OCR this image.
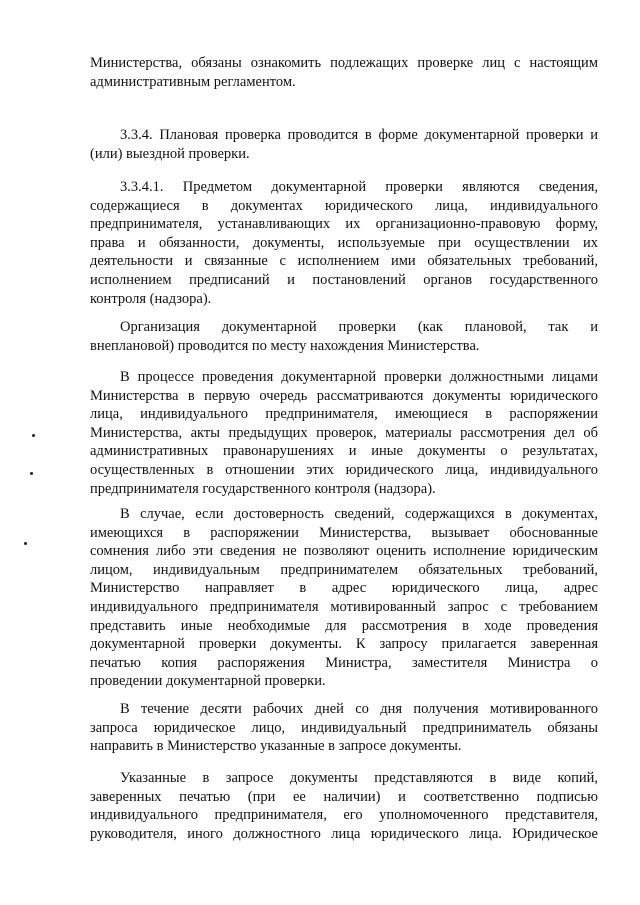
Министерства, обязаны ознакомить подлежащих проверке лиц с настоящим
административным регламентом.

3.3.4. Плановая проверка проводится в форме документарной проверки и
(или) выездной проверки.

3.3.4.1. Предметом документарной проверки являются сведения,
содержащиеся в документах юридического лица, индивидуального
предпринимателя, устанавливающих их организационно-правовую форму,
права и обязанности, документы, используемые при осуществлении их
деятельности и связанные с исполнением ими обязательных требований,
исполнением предписаний и постановлений органов государственного
контроля (надзора).

Организация документарной проверки (как плановой, так и
внеплановой) проводится по месту нахождения Министерства.

В процессе проведения документарной проверки должностными лицами
Министерства в первую очередь рассматриваются документы юридического
лица, индивидуального предпринимателя, имеющиеся в распоряжении
Министерства, акты предыдущих проверок, материалы рассмотрения дел об
административных правонарушениях и иные документы о результатах,
осуществленных в отношении этих юридического лица, индивидуального
предпринимателя государственного контроля (надзора).

В случае, если достоверность сведений, содержащихся в документах,
имеющихся в распоряжении Министерства, вызывает обоснованные
сомнения либо эти сведения не позволяют оценить исполнение юридическим
лицом, индивидуальным предпринимателем обязательных требований,
Министерство направляет в адрес юридического лица, адрес
индивидуального предпринимателя мотивированный запрос с требованием
представить иные необходимые для рассмотрения в ходе проведения
документарной проверки документы. К запросу прилагается заверенная
печатью копия распоряжения Министра, заместителя Министра о
проведении документарной проверки.

В течение десяти рабочих дней со дня получения мотивированного
запроса юридическое лицо, индивидуальный предприниматель обязаны
направить в Министерство указанные в запросе документы.

Указанные в запросе документы представляются в виде копий,
заверенных печатью (при ее наличии) и соответственно подписью
индивидуального предпринимателя, его уполномоченного представителя,
руководителя, иного должностного лица юридического лица. Юридическое
